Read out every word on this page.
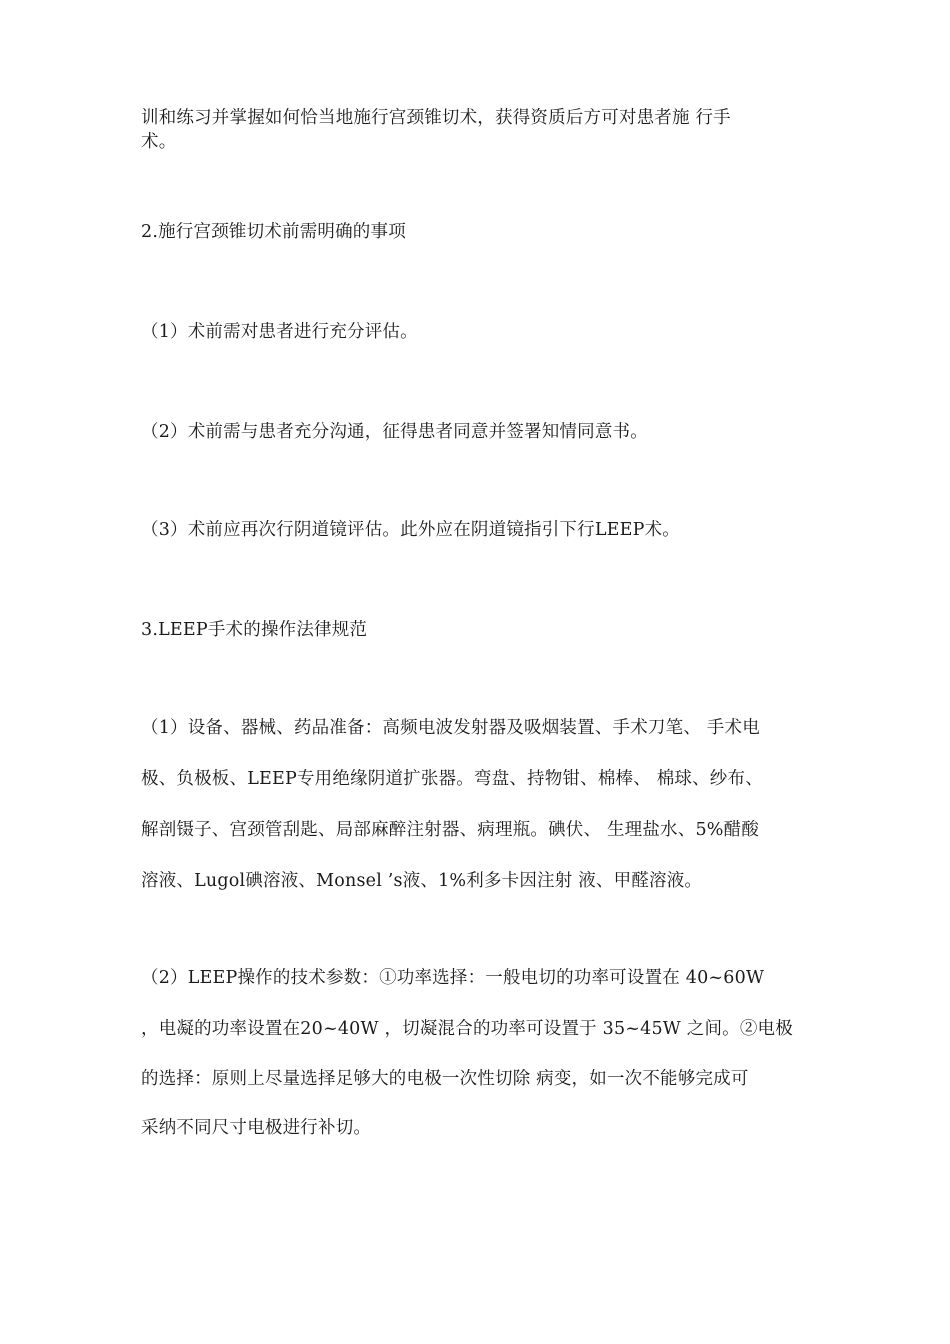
训和练习并掌握如何恰当地施行宫颈锥切术，获得资质后方可对患者施 行手
术。
2.施行宫颈锥切术前需明确的事项
（1）术前需对患者进行充分评估。
（2）术前需与患者充分沟通，征得患者同意并签署知情同意书。
（3）术前应再次行阴道镜评估。此外应在阴道镜指引下行LEEP术。
3.LEEP手术的操作法律规范
（1）设备、器械、药品准备：高频电波发射器及吸烟装置、手术刀笔、 手术电
极、负极板、LEEP专用绝缘阴道扩张器。弯盘、持物钳、棉棒、 棉球、纱布、
解剖镊子、宫颈管刮匙、局部麻醉注射器、病理瓶。碘伏、 生理盐水、5%醋酸
溶液、Lugol碘溶液、Monsel ’s液、1%利多卡因注射 液、甲醛溶液。
（2）LEEP操作的技术参数：①功率选择：一般电切的功率可设置在 40~60W
，电凝的功率设置在20~40W ，切凝混合的功率可设置于 35~45W 之间。②电极
的选择：原则上尽量选择足够大的电极一次性切除 病变，如一次不能够完成可
采纳不同尺寸电极进行补切。
